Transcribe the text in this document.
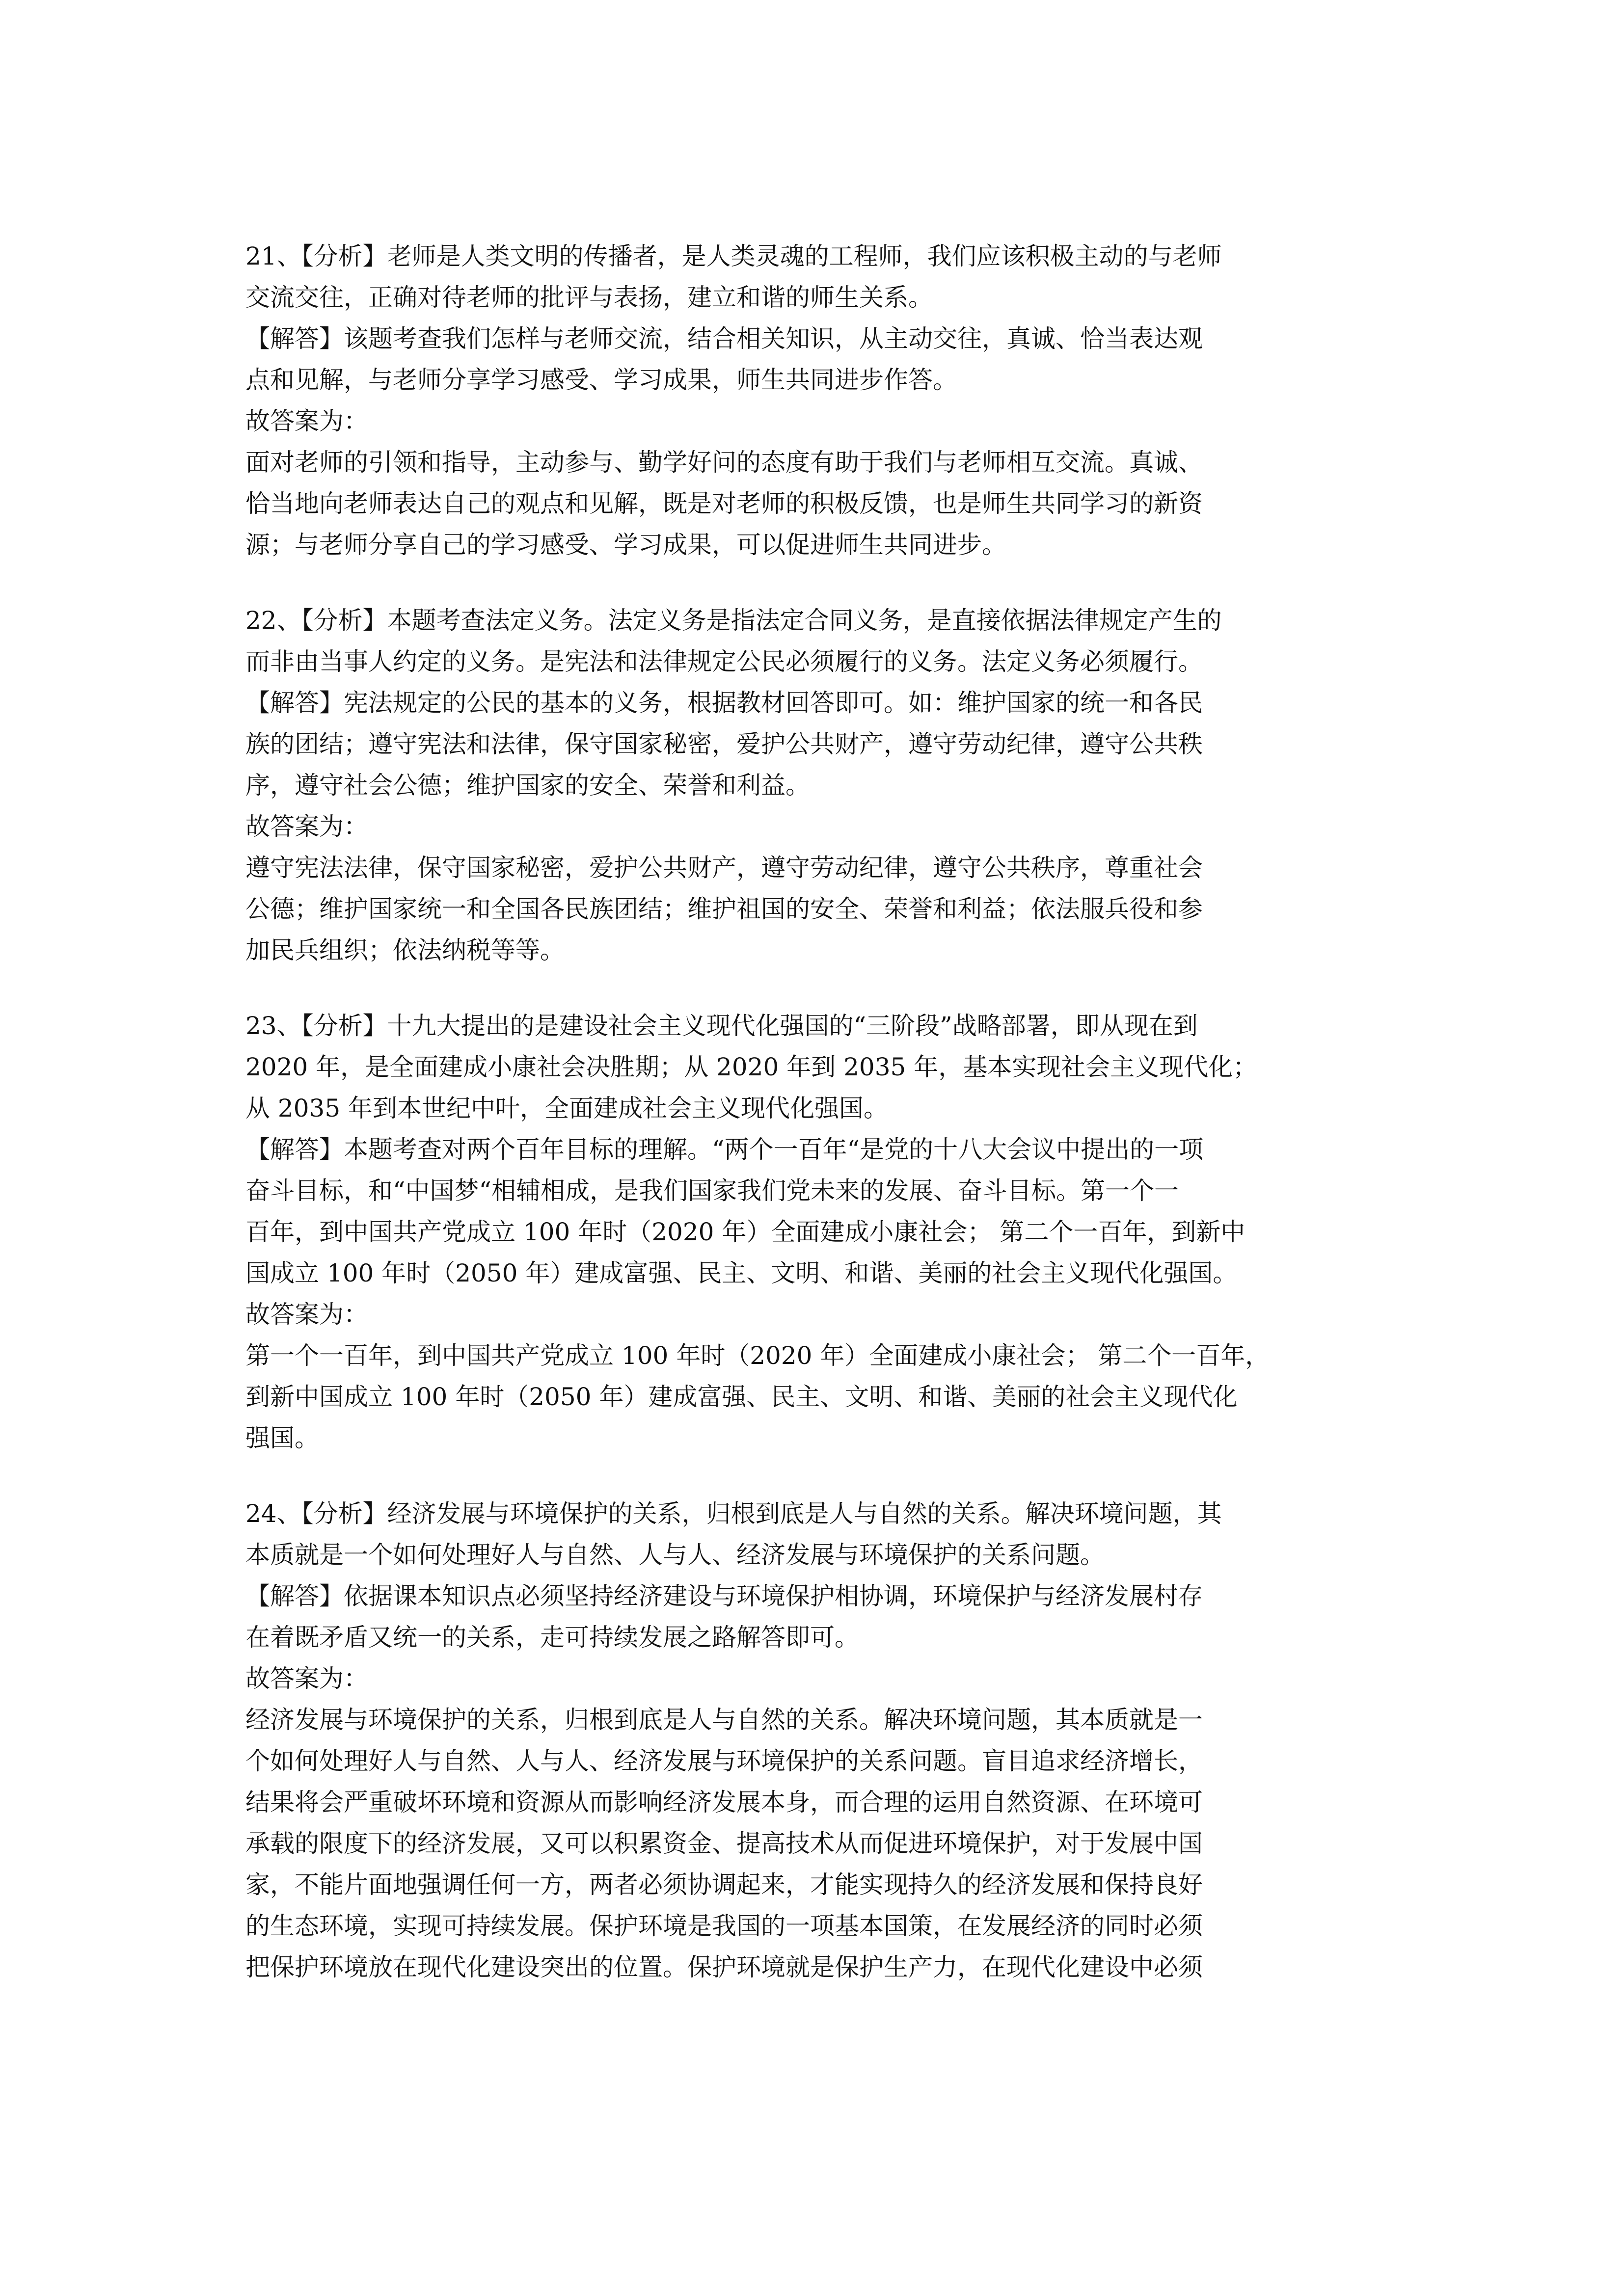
21、【分析】老师是人类文明的传播者，是人类灵魂的工程师，我们应该积极主动的与老师
交流交往，正确对待老师的批评与表扬，建立和谐的师生关系。
【解答】该题考查我们怎样与老师交流，结合相关知识，从主动交往，真诚、恰当表达观
点和见解，与老师分享学习感受、学习成果，师生共同进步作答。
故答案为：
面对老师的引领和指导，主动参与、勤学好问的态度有助于我们与老师相互交流。真诚、
恰当地向老师表达自己的观点和见解，既是对老师的积极反馈，也是师生共同学习的新资
源；与老师分享自己的学习感受、学习成果，可以促进师生共同进步。
22、【分析】本题考查法定义务。法定义务是指法定合同义务，是直接依据法律规定产生的
而非由当事人约定的义务。是宪法和法律规定公民必须履行的义务。法定义务必须履行。
【解答】宪法规定的公民的基本的义务，根据教材回答即可。如：维护国家的统一和各民
族的团结；遵守宪法和法律，保守国家秘密，爱护公共财产，遵守劳动纪律，遵守公共秩
序，遵守社会公德；维护国家的安全、荣誉和利益。
故答案为：
遵守宪法法律，保守国家秘密，爱护公共财产，遵守劳动纪律，遵守公共秩序，尊重社会
公德；维护国家统一和全国各民族团结；维护祖国的安全、荣誉和利益；依法服兵役和参
加民兵组织；依法纳税等等。
23、【分析】十九大提出的是建设社会主义现代化强国的“三阶段”战略部署，即从现在到
2020 年，是全面建成小康社会决胜期；从 2020 年到 2035 年，基本实现社会主义现代化；
从 2035 年到本世纪中叶，全面建成社会主义现代化强国。
【解答】本题考查对两个百年目标的理解。“两个一百年“是党的十八大会议中提出的一项
奋斗目标，和“中国梦“相辅相成，是我们国家我们党未来的发展、奋斗目标。第一个一
百年，到中国共产党成立 100 年时（2020 年）全面建成小康社会； 第二个一百年，到新中
国成立 100 年时（2050 年）建成富强、民主、文明、和谐、美丽的社会主义现代化强国。
故答案为：
第一个一百年，到中国共产党成立 100 年时（2020 年）全面建成小康社会； 第二个一百年，
到新中国成立 100 年时（2050 年）建成富强、民主、文明、和谐、美丽的社会主义现代化
强国。
24、【分析】经济发展与环境保护的关系，归根到底是人与自然的关系。解决环境问题，其
本质就是一个如何处理好人与自然、人与人、经济发展与环境保护的关系问题。
【解答】依据课本知识点必须坚持经济建设与环境保护相协调，环境保护与经济发展村存
在着既矛盾又统一的关系，走可持续发展之路解答即可。
故答案为：
经济发展与环境保护的关系，归根到底是人与自然的关系。解决环境问题，其本质就是一
个如何处理好人与自然、人与人、经济发展与环境保护的关系问题。盲目追求经济增长，
结果将会严重破坏环境和资源从而影响经济发展本身，而合理的运用自然资源、在环境可
承载的限度下的经济发展，又可以积累资金、提高技术从而促进环境保护，对于发展中国
家，不能片面地强调任何一方，两者必须协调起来，才能实现持久的经济发展和保持良好
的生态环境，实现可持续发展。保护环境是我国的一项基本国策，在发展经济的同时必须
把保护环境放在现代化建设突出的位置。保护环境就是保护生产力，在现代化建设中必须
